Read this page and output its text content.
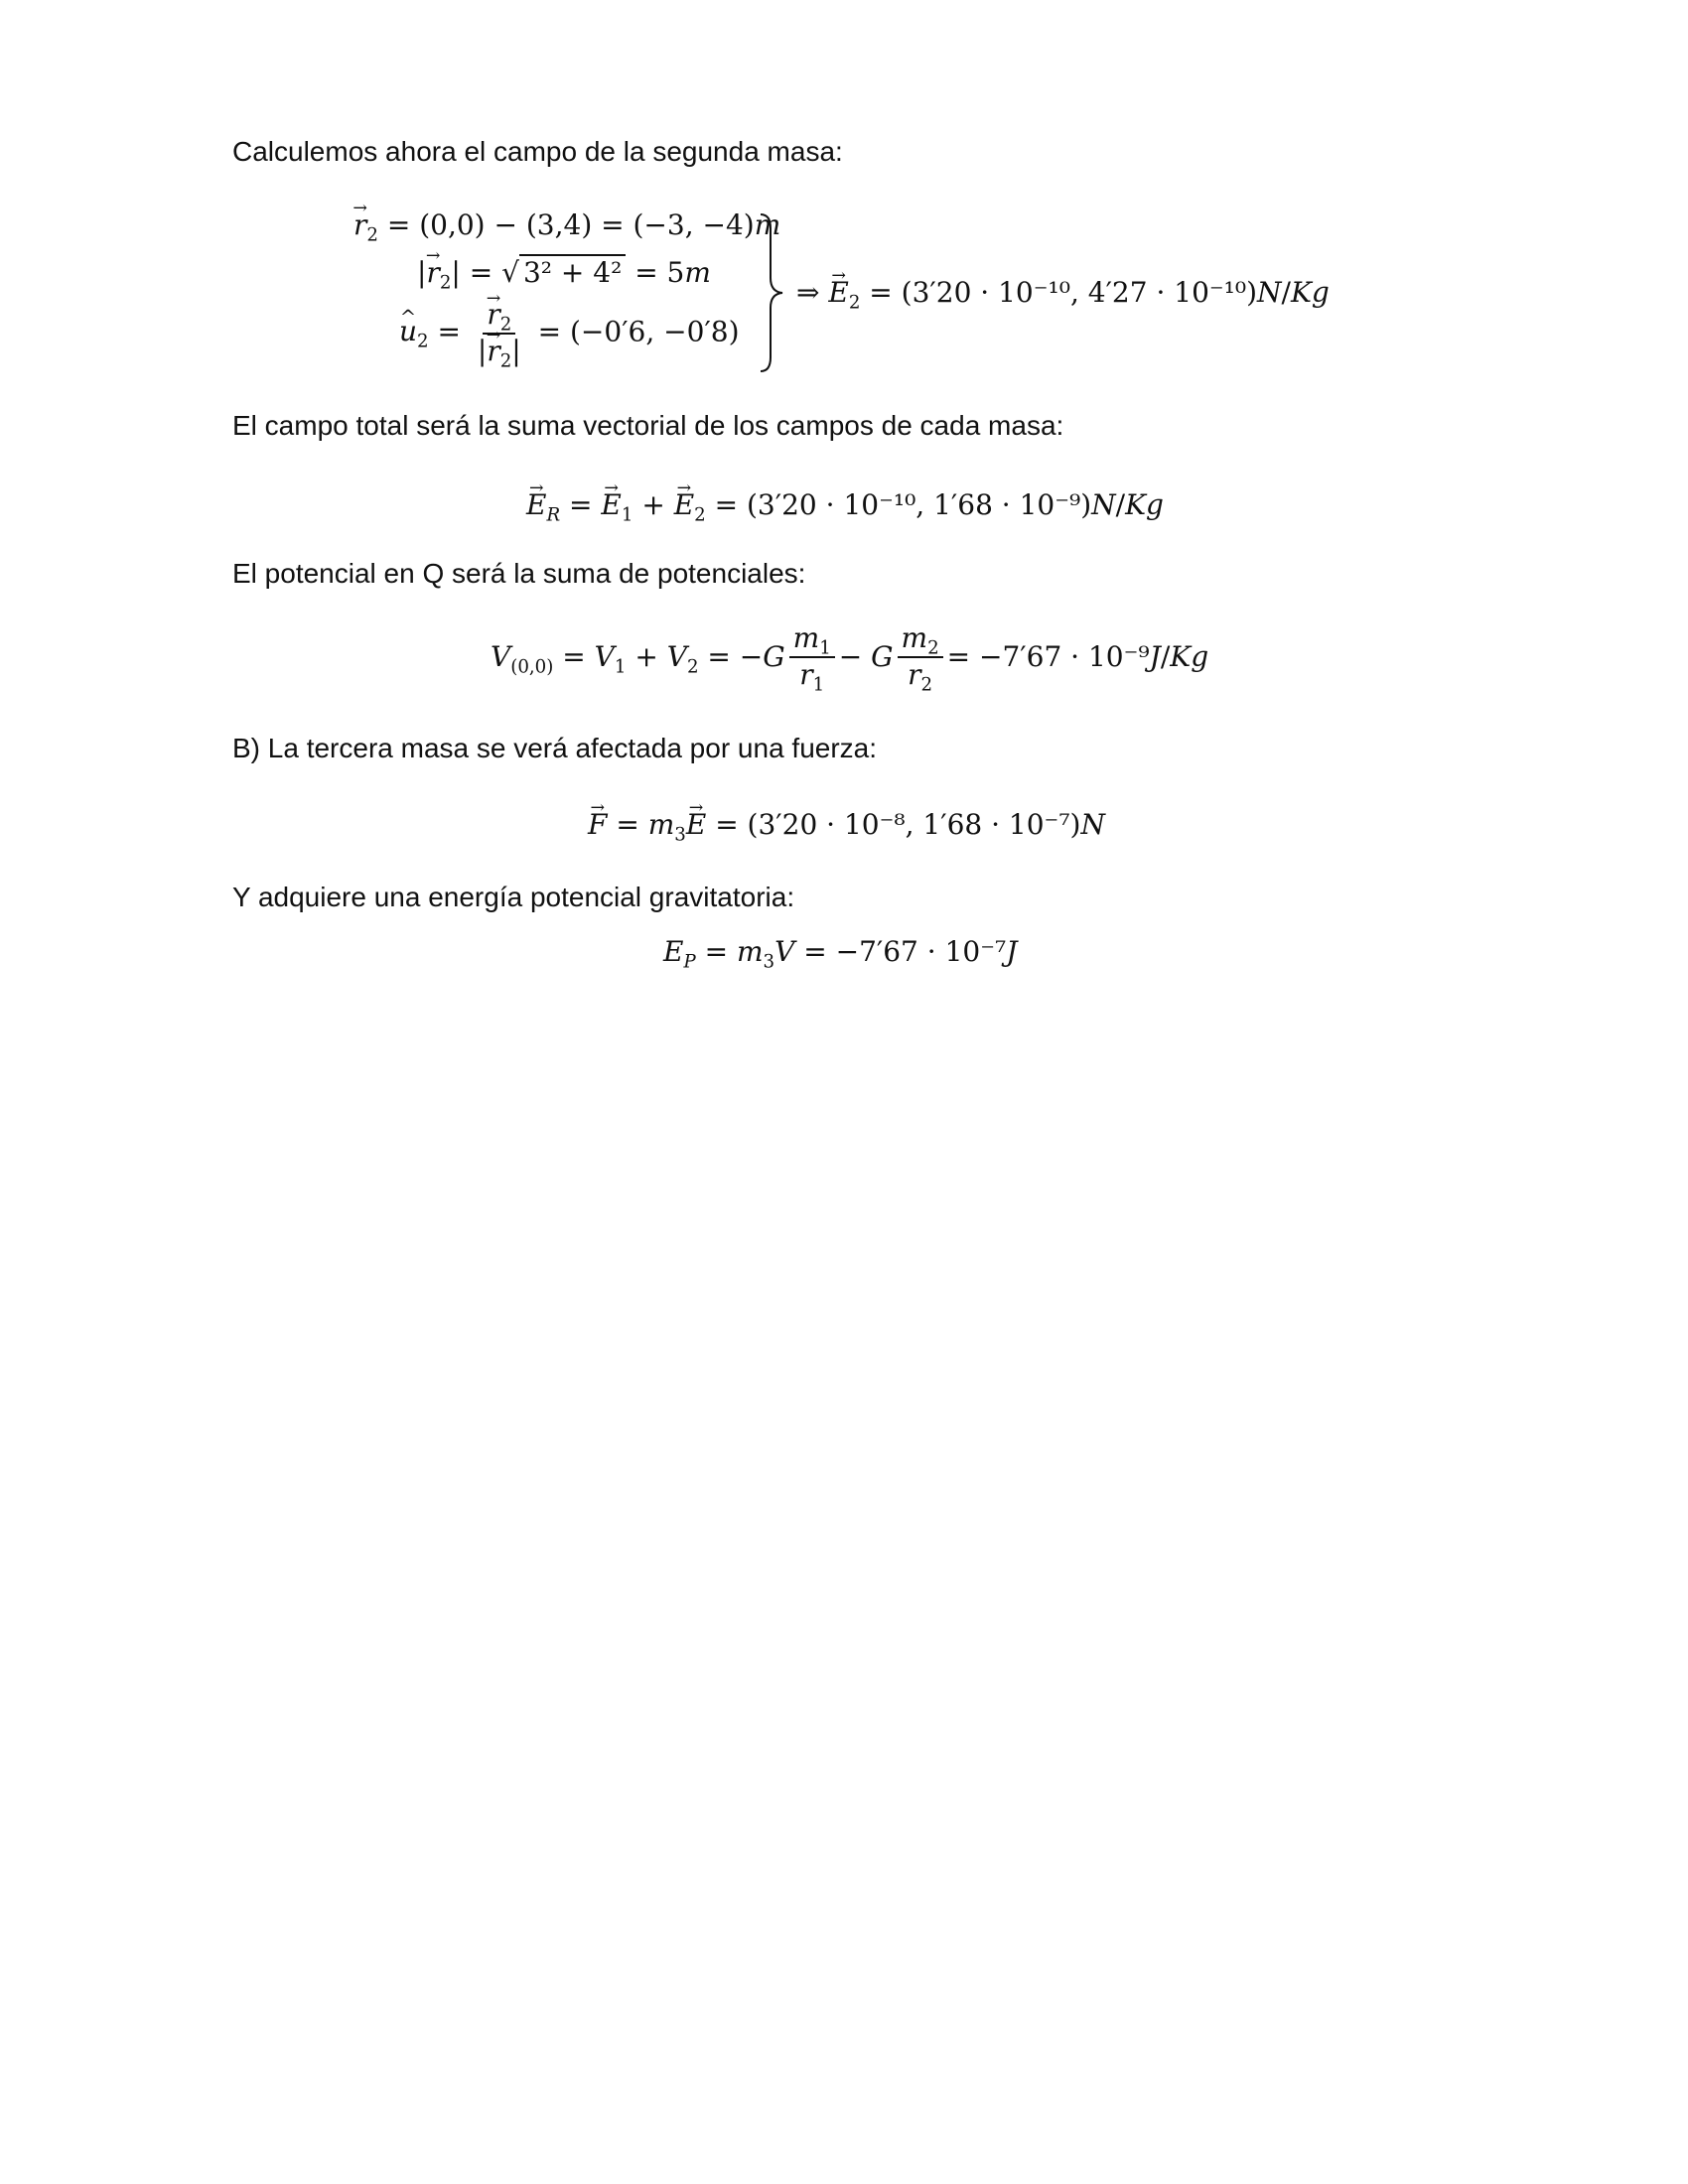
Calculemos ahora el campo de la segunda masa:
→ $r_2 = (0,0) - (3,4) = (-3$, −4)m
|→ $r_2|$ = √ 3² + 4² = 5m
^ $u_2$ =
→ $\frac{r_2}{|\to r_2|} = (-0'6$, −0′8)
⇒ → $E_2 = (3'20 \cdot 10^{-10}$, 4′27 · 10⁻¹⁰)N/Kg
El campo total será la suma vectorial de los campos de cada masa:
→ $E_R$ = → $E_1$ + → $E_2 = (3'20 \cdot 10^{-10}$, 1′68 · 10⁻⁹)N/Kg
El potencial en Q será la suma de potenciales:
$V_{(0,0)} = V_1 + V_2 = -G \frac{m_1}{r_1} - G \frac{m_2}{r_2} = -7'67 \cdot 10^{-9}$ J/Kg
B) La tercera masa se verá afectada por una fuerza:
→ $F = m_3\to E = (3'20 \cdot 10^{-8}$, 1′68 · 10⁻⁷)N
Y adquiere una energía potencial gravitatoria:
$E_P = m_3V = -7'67 \cdot 10^{-7}J$
